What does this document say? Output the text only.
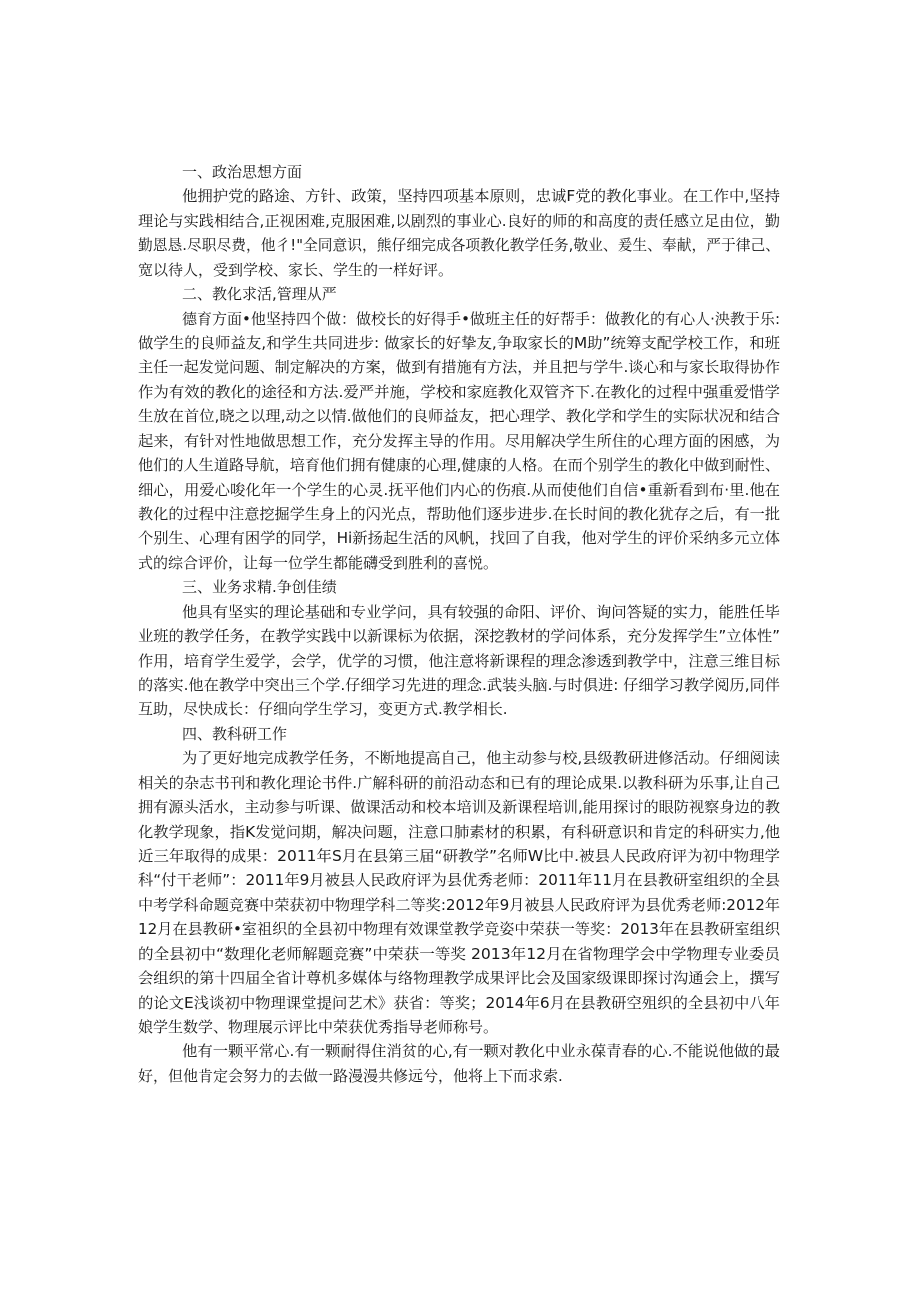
一、政治思想方面
他拥护党的路途、方针、政策，坚持四项基本原则，忠诚F党的教化事业。在工作中,坚持
理论与实践相结合,正视困难,克服困难,以剧烈的事业心.良好的师的和高度的责任感立足由位，勤
勤恩恳.尽职尽费，他彳!"全同意识，熊仔细完成各项教化教学任务,敬业、爰生、奉献，严于律己、
宽以待人，受到学校、家长、学生的一样好评。
二、教化求活,管理从严
德育方面•他坚持四个做：做校长的好得手•做班主任的好帮手：做教化的有心人·泱教于乐:
做学生的良师益友,和学生共同进步: 做家长的好挚友,争取家长的M助”统筹支配学校工作，和班
主任一起发觉问题、制定解决的方案，做到有措施有方法，并且把与学牛.谈心和与家长取得协作
作为有效的教化的途径和方法.爱严并施，学校和家庭教化双管齐下.在教化的过程中强重爱惜学
生放在首位,晓之以理,动之以情.做他们的良师益友，把心理学、教化学和学生的实际状况和结合
起来，有针对性地做思想工作，充分发挥主导的作用。尽用解决学生所住的心理方面的困感，为
他们的人生道路导航，培育他们拥有健康的心理,健康的人格。在而个别学生的教化中做到耐性、
细心，用爱心唆化年一个学生的心灵.抚平他们内心的伤痕.从而使他们自信•重新看到布·里.他在
教化的过程中注意挖掘学生身上的闪光点，帮助他们逐步进步.在长时间的教化犹存之后，有一批
个别生、心理有困学的同学，Hi新扬起生活的风帆，找回了自我，他对学生的评价采纳多元立体
式的综合评价，让每一位学生都能礴受到胜利的喜悦。
三、业务求精.争创佳绩
他具有坚实的理论基础和专业学问，具有较强的命阳、评价、询问答疑的实力，能胜任毕
业班的教学任务，在教学实践中以新课标为依据，深挖教材的学问体系，充分发挥学生”立体性”
作用，培育学生爱学，会学，优学的习惯，他注意将新课程的理念渗透到教学中，注意三维目标
的落实.他在教学中突出三个学.仔细学习先进的理念.武装头脑.与时俱进: 仔细学习教学阅历,同伴
互助，尽快成长：仔细向学生学习，变更方式.教学相长.
四、教科研工作
为了更好地完成教学任务，不断地提高自己，他主动参与校,县级教研进修活动。仔细阅读
相关的杂志书刊和教化理论书件.广解科研的前沿动态和已有的理论成果.以教科研为乐事,让自己
拥有源头活水，主动参与听课、做课活动和校本培训及新课程培训,能用探讨的眼防视察身边的教
化教学现象，指K发觉问期，解决问题，注意口肺素材的积累，有科研意识和肯定的科研实力,他
近三年取得的成果：2011年S月在县第三届“研教学”名师W比中.被县人民政府评为初中物理学
科“付干老师”：2011年9月被县人民政府评为县优秀老师：2011年11月在县教研室组织的全县
中考学科命题竞赛中荣获初中物理学科二等奖:2012年9月被县人民政府评为县优秀老师:2012年
12月在县教研•室祖织的全县初中物理有效课堂教学竞姿中荣获一等奖：2013年在县教研室组织
的全县初中“数理化老师解题竞赛”中荣获一等奖 2013年12月在省物理学会中学物理专业委员
会组织的第十四届全省计尊机多媒体与络物理教学成果评比会及国家级课即探讨沟通会上，撰写
的论文E浅谈初中物理课堂提问艺术》获省：等奖；2014年6月在县教研空殂织的全县初中八年
娘学生数学、物理展示评比中荣获优秀指导老师称号。
他有一颗平常心.有一颗耐得住消贫的心,有一颗对教化中业永葆青春的心.不能说他做的最
好，但他肯定会努力的去做一路漫漫共修远兮，他将上下而求索.
